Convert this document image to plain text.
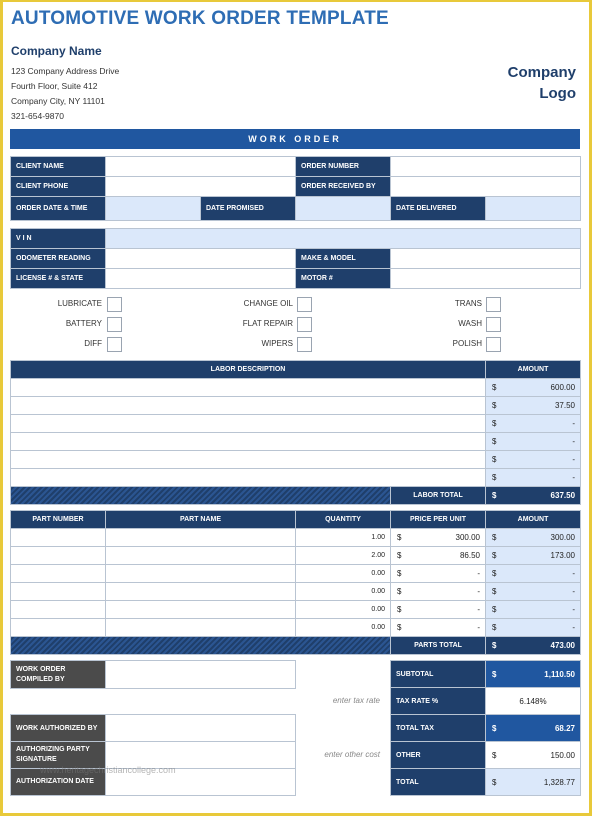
AUTOMOTIVE WORK ORDER TEMPLATE
Company Name
123 Company Address Drive
Fourth Floor, Suite 412
Company City, NY 11101
321-654-9870
Company
Logo
WORK ORDER
CLIENT NAME			ORDER NUMBER		
CLIENT PHONE			ORDER RECEIVED BY		
ORDER DATE & TIME		DATE PROMISED		DATE DELIVERED	
V I N			
ODOMETER READING		MAKE & MODEL	
LICENSE # & STATE		MOTOR #	
LUBRICATE	CHANGE OIL	TRANS
BATTERY	FLAT REPAIR	WASH
DIFF	WIPERS	POLISH
LABOR DESCRIPTION		AMOUNT

		$ 600.00

		$ 37.50

		$ -

		$ -

		$ -

		$ -

	LABOR TOTAL	$ 637.50
PART NUMBER	PART NAME	QUANTITY	PRICE PER UNIT	AMOUNT
		1.00	$ 300.00	$ 300.00

		2.00	$ 86.50	$ 173.00

		0.00	$ -	$ -

		0.00	$ -	$ -

		0.00	$ -	$ -

		0.00	$ -	$ -

			PARTS TOTAL	$ 473.00
WORK ORDER COMPILED BY	
WORK AUTHORIZED BY	
AUTHORIZING PARTY SIGNATURE	
AUTHORIZATION DATE	
enter tax rate
enter other cost
SUBTOTAL	$ 1,110.50

TAX RATE %	6.148%
TOTAL TAX	$ 68.27

OTHER	$ 150.00

TOTAL	$ 1,328.77
www.heritagechristiancollege.com
